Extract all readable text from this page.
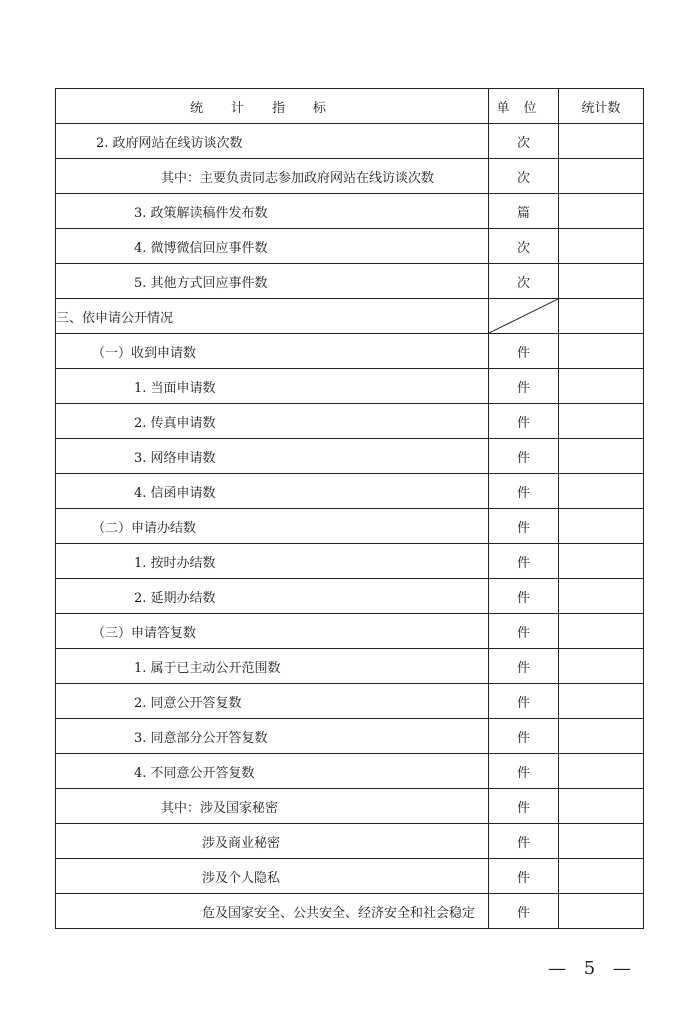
统计指标	单位	统计数
2. 政府网站在线访谈次数	次	
其中：主要负责同志参加政府网站在线访谈次数	次	
3. 政策解读稿件发布数	篇	
4. 微博微信回应事件数	次	
5. 其他方式回应事件数	次	
三、依申请公开情况	

（一）收到申请数	件	
1. 当面申请数	件	
2. 传真申请数	件	
3. 网络申请数	件	
4. 信函申请数	件	
（二）申请办结数	件	
1. 按时办结数	件	
2. 延期办结数	件	
（三）申请答复数	件	
1. 属于已主动公开范围数	件	
2. 同意公开答复数	件	
3. 同意部分公开答复数	件	
4. 不同意公开答复数	件	
其中：涉及国家秘密	件	
涉及商业秘密	件	
涉及个人隐私	件	
危及国家安全、公共安全、经济安全和社会稳定	件	
— 5 —
